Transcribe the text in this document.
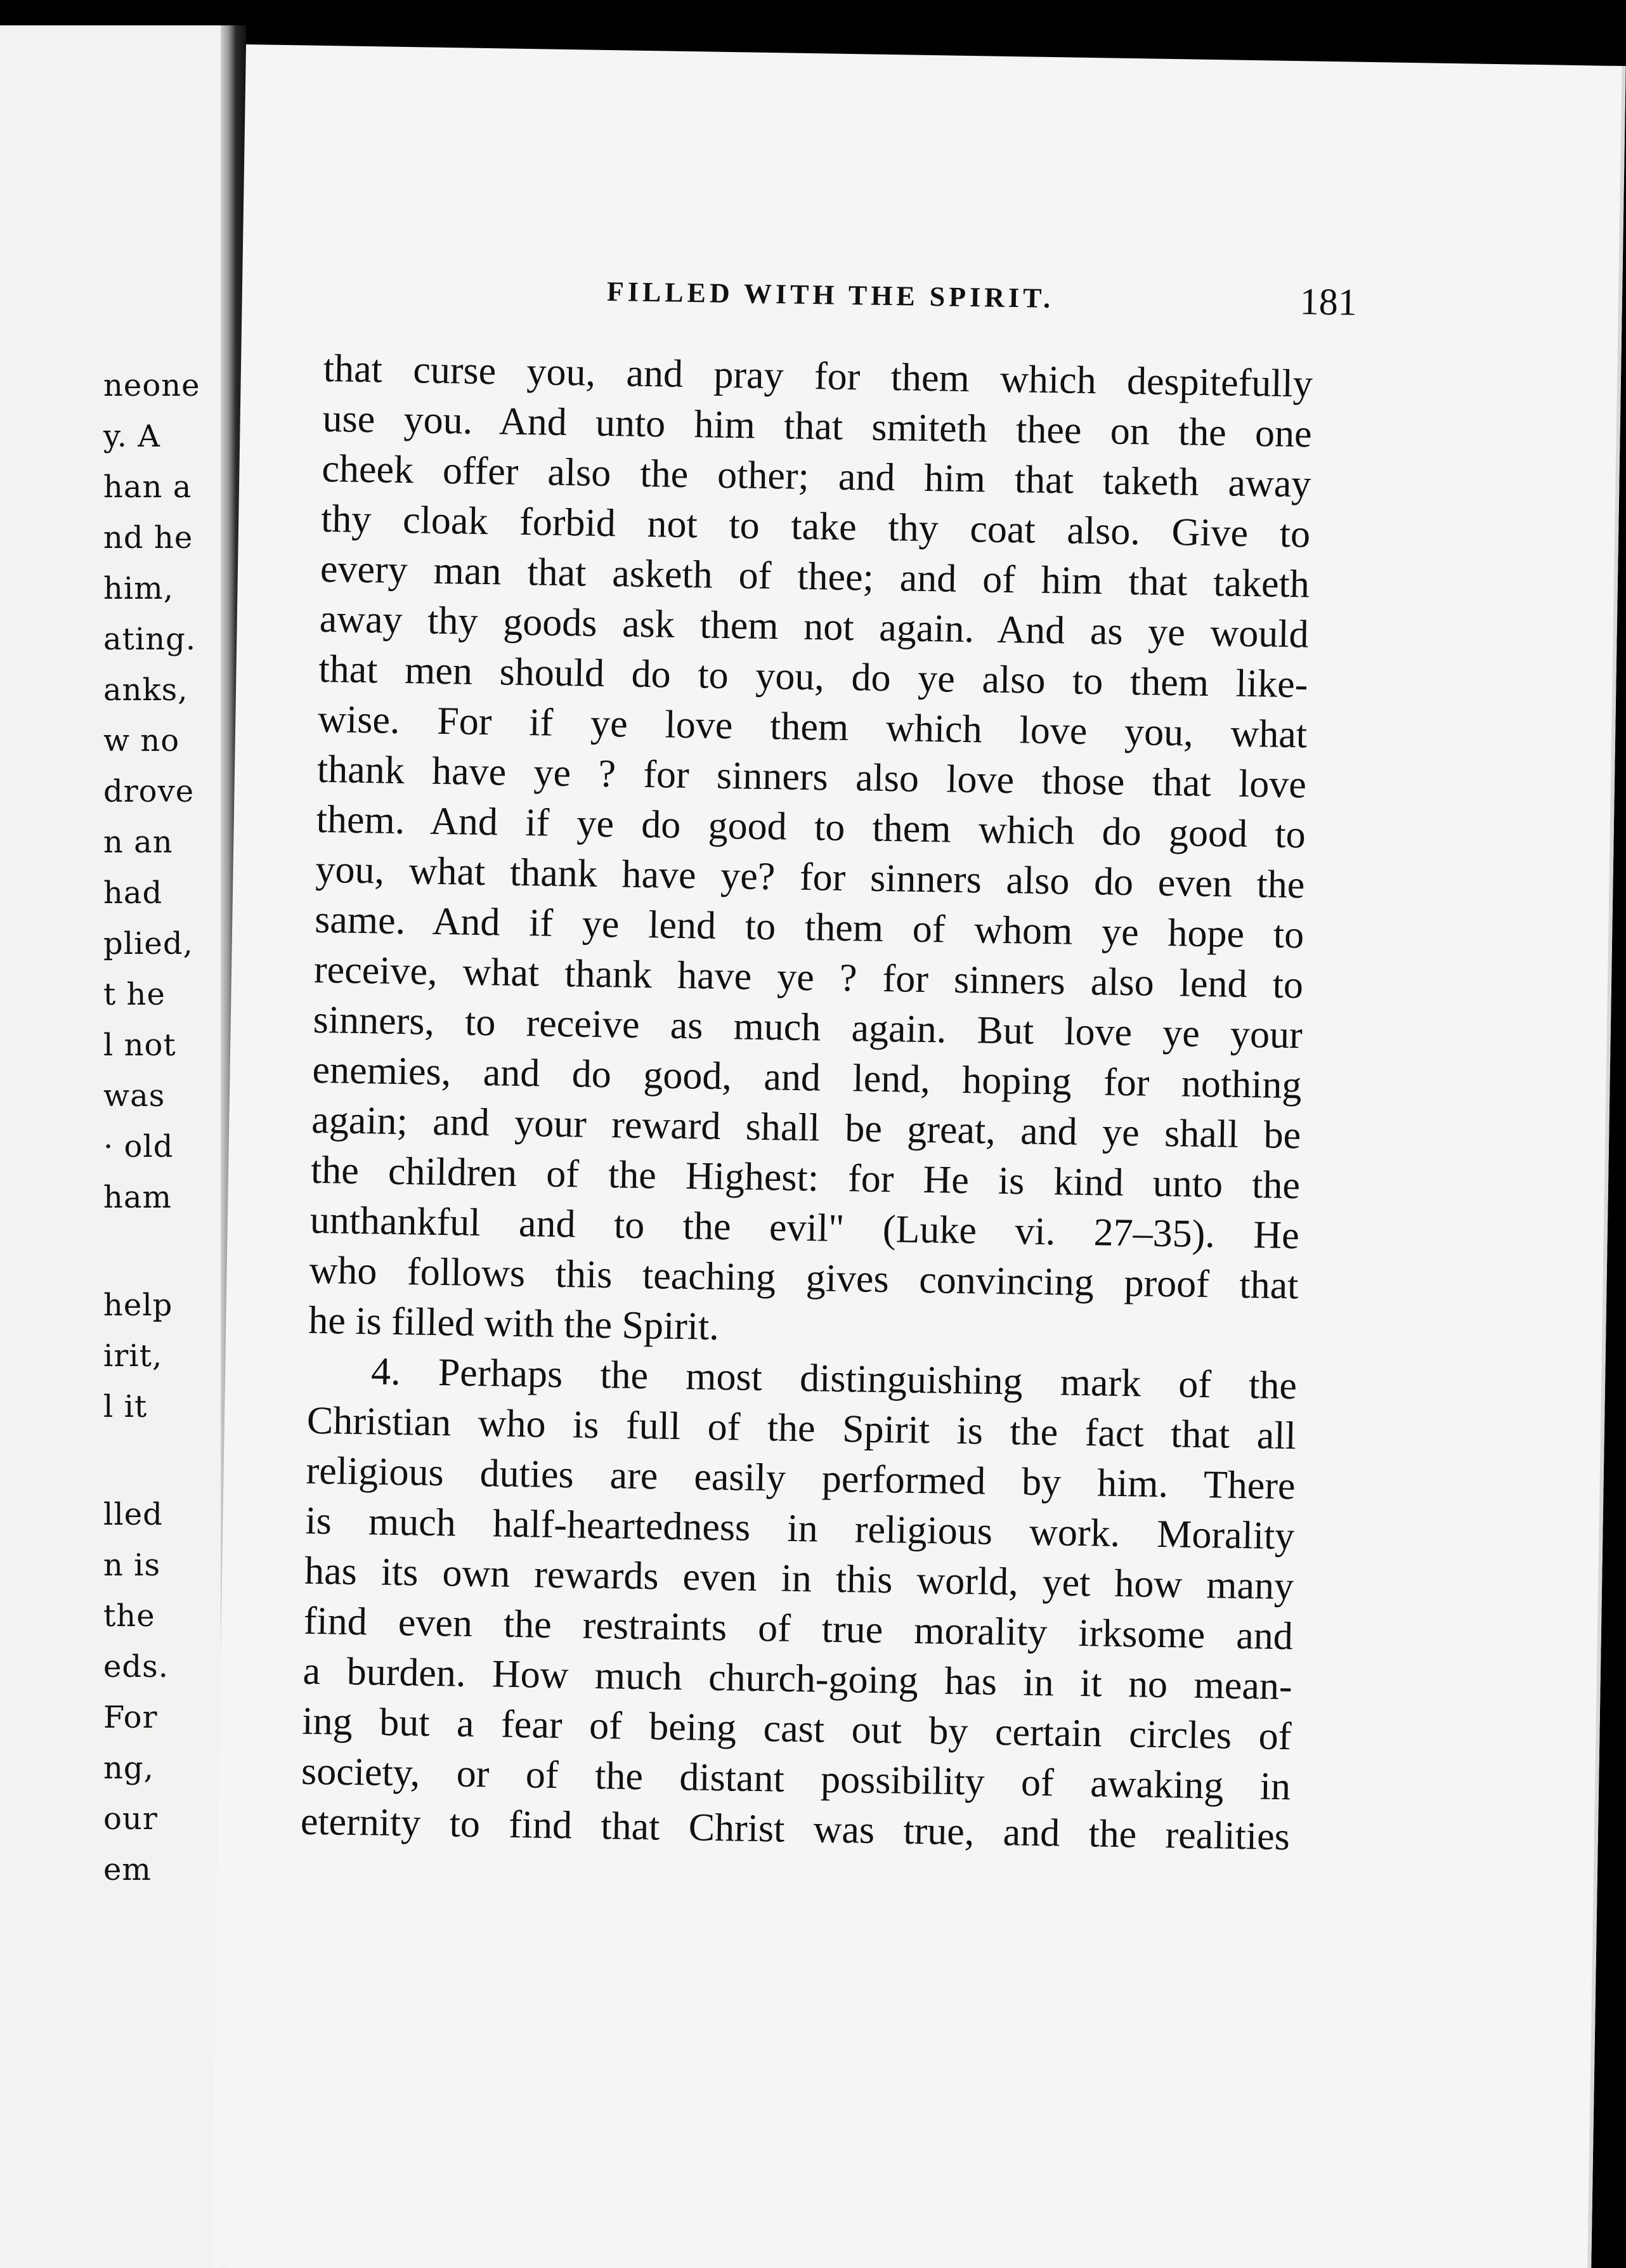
neone
y. A
han a
nd he
him,
ating.
anks,
w no
drove
n an
had
plied,
t he
l not
was
· old
ham
help
irit,
l it
lled
n is
the
eds.
For
ng,
our
em
FILLED WITH THE SPIRIT.	181
that curse you, and pray for them which despitefully
use you. And unto him that smiteth thee on the one
cheek offer also the other; and him that taketh away
thy cloak forbid not to take thy coat also. Give to
every man that asketh of thee; and of him that taketh
away thy goods ask them not again. And as ye would
that men should do to you, do ye also to them like-
wise. For if ye love them which love you, what
thank have ye ? for sinners also love those that love
them. And if ye do good to them which do good to
you, what thank have ye? for sinners also do even the
same. And if ye lend to them of whom ye hope to
receive, what thank have ye ? for sinners also lend to
sinners, to receive as much again. But love ye your
enemies, and do good, and lend, hoping for nothing
again; and your reward shall be great, and ye shall be
the children of the Highest: for He is kind unto the
unthankful and to the evil" (Luke vi. 27–35). He
who follows this teaching gives convincing proof that
he is filled with the Spirit.
4. Perhaps the most distinguishing mark of the
Christian who is full of the Spirit is the fact that all
religious duties are easily performed by him. There
is much half-heartedness in religious work. Morality
has its own rewards even in this world, yet how many
find even the restraints of true morality irksome and
a burden. How much church-going has in it no mean-
ing but a fear of being cast out by certain circles of
society, or of the distant possibility of awaking in
eternity to find that Christ was true, and the realities
